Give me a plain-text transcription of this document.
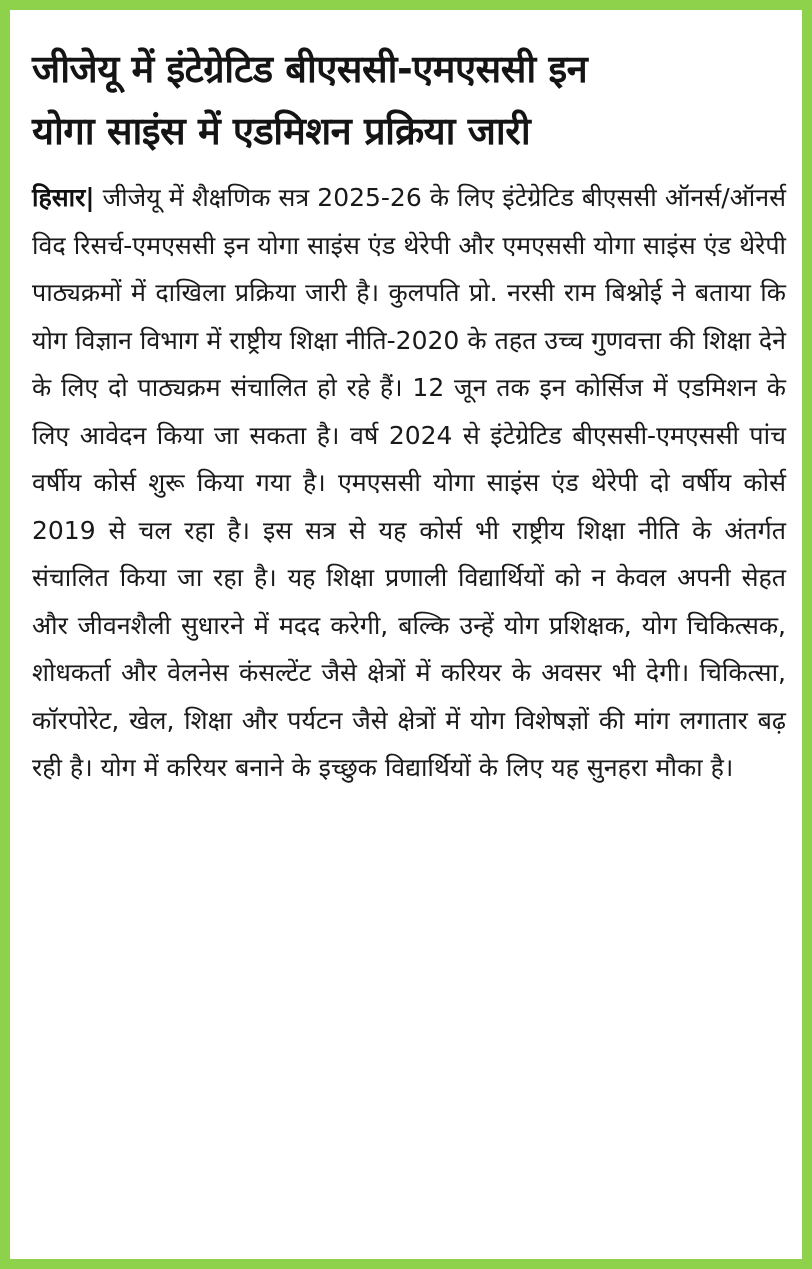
जीजेयू में इंटेग्रेटिड बीएससी-एमएससी इन
योगा साइंस में एडमिशन प्रक्रिया जारी

हिसार| जीजेयू में शैक्षणिक सत्र 2025-26 के लिए इंटेग्रेटिड बीएससी ऑनर्स/ऑनर्स विद रिसर्च-एमएससी इन योगा साइंस एंड थेरेपी और एमएससी योगा साइंस एंड थेरेपी पाठ्यक्रमों में दाखिला प्रक्रिया जारी है। कुलपति प्रो. नरसी राम बिश्नोई ने बताया कि योग विज्ञान विभाग में राष्ट्रीय शिक्षा नीति-2020 के तहत उच्च गुणवत्ता की शिक्षा देने के लिए दो पाठ्यक्रम संचालित हो रहे हैं। 12 जून तक इन कोर्सिज में एडमिशन के लिए आवेदन किया जा सकता है। वर्ष 2024 से इंटेग्रेटिड बीएससी-एमएससी पांच वर्षीय कोर्स शुरू किया गया है। एमएससी योगा साइंस एंड थेरेपी दो वर्षीय कोर्स 2019 से चल रहा है। इस सत्र से यह कोर्स भी राष्ट्रीय शिक्षा नीति के अंतर्गत संचालित किया जा रहा है। यह शिक्षा प्रणाली विद्यार्थियों को न केवल अपनी सेहत और जीवनशैली सुधारने में मदद करेगी, बल्कि उन्हें योग प्रशिक्षक, योग चिकित्सक, शोधकर्ता और वेलनेस कंसल्टेंट जैसे क्षेत्रों में करियर के अवसर भी देगी। चिकित्सा, कॉरपोरेट, खेल, शिक्षा और पर्यटन जैसे क्षेत्रों में योग विशेषज्ञों की मांग लगातार बढ़ रही है। योग में करियर बनाने के इच्छुक विद्यार्थियों के लिए यह सुनहरा मौका है।
